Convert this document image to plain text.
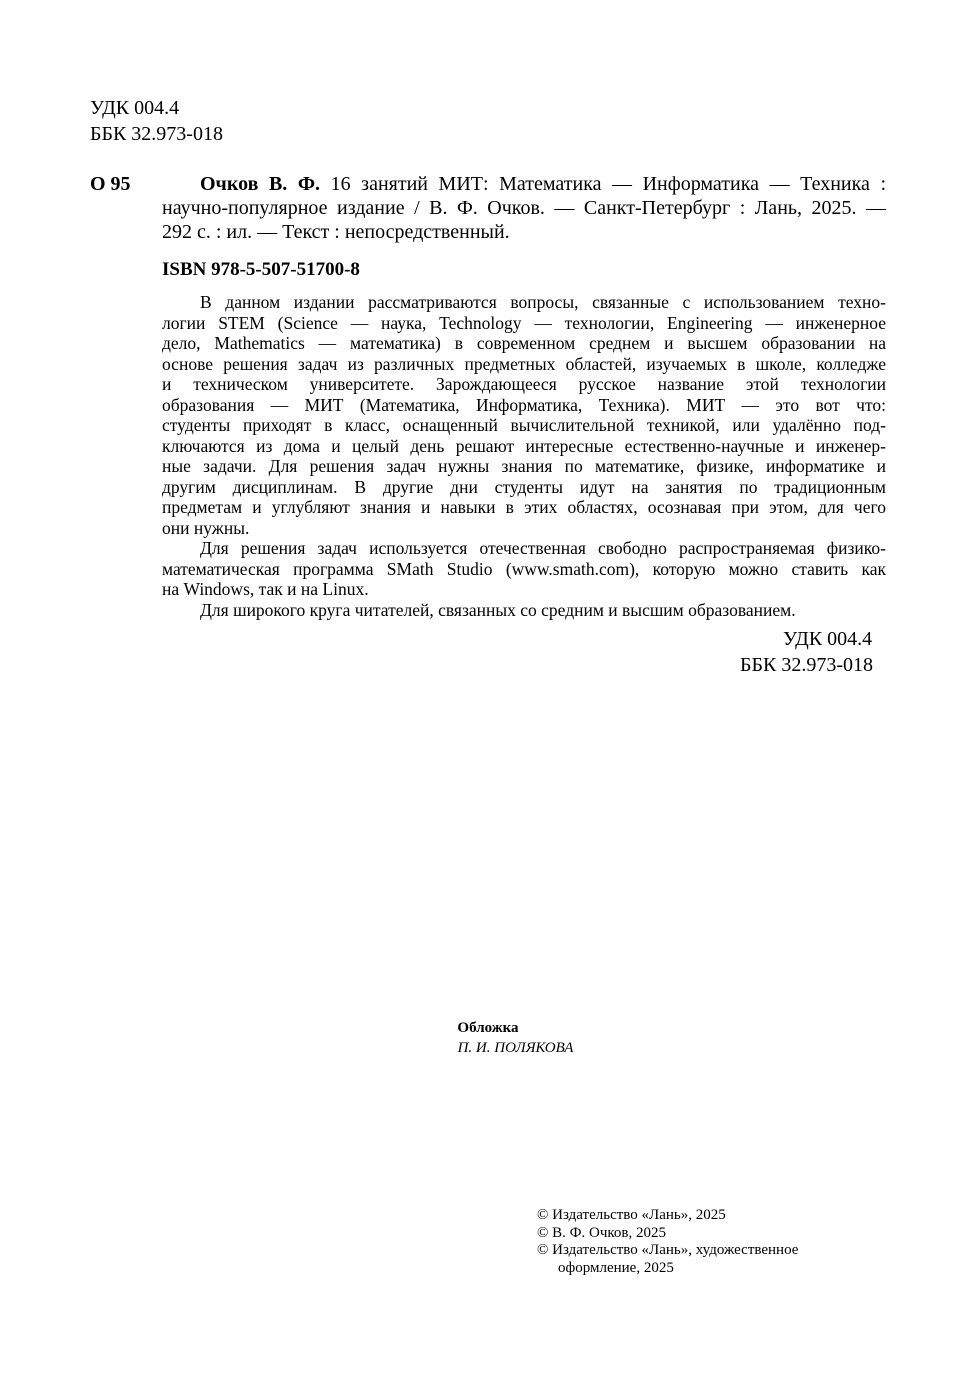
УДК 004.4
ББК 32.973-018
О 95	Очков В. Ф. 16 занятий МИТ: Математика — Информатика — Техника :
научно-популярное издание / В. Ф. Очков. — Санкт-Петербург : Лань, 2025. —
292 с. : ил. — Текст : непосредственный.
ISBN 978-5-507-51700-8
В данном издании рассматриваются вопросы, связанные с использованием техно-
логии STEM (Science — наука, Technology — технологии, Engineering — инженерное
дело, Mathematics — математика) в современном среднем и высшем образовании на
основе решения задач из различных предметных областей, изучаемых в школе, колледже
и техническом университете. Зарождающееся русское название этой технологии
образования — МИТ (Математика, Информатика, Техника). МИТ — это вот что:
студенты приходят в класс, оснащенный вычислительной техникой, или удалённо под-
ключаются из дома и целый день решают интересные естественно-научные и инженер-
ные задачи. Для решения задач нужны знания по математике, физике, информатике и
другим дисциплинам. В другие дни студенты идут на занятия по традиционным
предметам и углубляют знания и навыки в этих областях, осознавая при этом, для чего
они нужны.
Для решения задач используется отечественная свободно распространяемая физико-
математическая программа SMath Studio (www.smath.com), которую можно ставить как
на Windows, так и на Linux.
Для широкого круга читателей, связанных со средним и высшим образованием.
УДК 004.4
ББК 32.973-018
Обложка
П. И. ПОЛЯКОВА
© Издательство «Лань», 2025
© В. Ф. Очков, 2025
© Издательство «Лань», художественное
оформление, 2025
